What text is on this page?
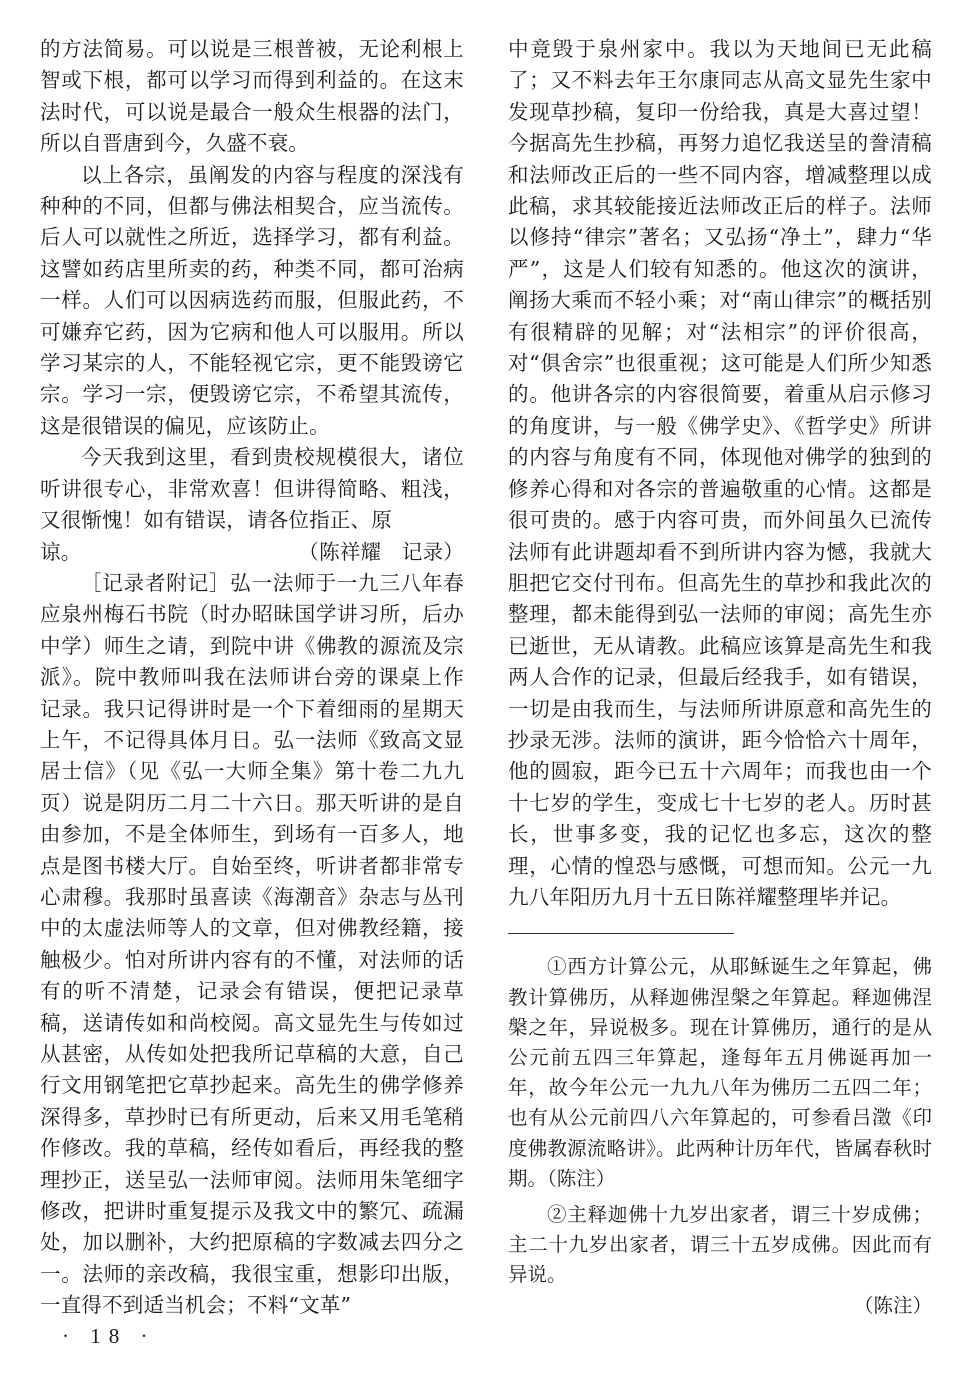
的方法简易。可以说是三根普被，无论利根上智或下根，都可以学习而得到利益的。在这末法时代，可以说是最合一般众生根器的法门，所以自晋唐到今，久盛不衰。

以上各宗，虽阐发的内容与程度的深浅有种种的不同，但都与佛法相契合，应当流传。后人可以就性之所近，选择学习，都有利益。这譬如药店里所卖的药，种类不同，都可治病一样。人们可以因病选药而服，但服此药，不可嫌弃它药，因为它病和他人可以服用。所以学习某宗的人，不能轻视它宗，更不能毁谤它宗。学习一宗，便毁谤它宗，不希望其流传，这是很错误的偏见，应该防止。

今天我到这里，看到贵校规模很大，诸位听讲很专心，非常欢喜！但讲得简略、粗浅，又很惭愧！如有错误，请各位指正、原

谅。	（陈祥耀　记录）

［记录者附记］弘一法师于一九三八年春应泉州梅石书院（时办昭昧国学讲习所，后办中学）师生之请，到院中讲《佛教的源流及宗派》。院中教师叫我在法师讲台旁的课桌上作记录。我只记得讲时是一个下着细雨的星期天上午，不记得具体月日。弘一法师《致高文显居士信》（见《弘一大师全集》第十卷二九九页）说是阴历二月二十六日。那天听讲的是自由参加，不是全体师生，到场有一百多人，地点是图书楼大厅。自始至终，听讲者都非常专心肃穆。我那时虽喜读《海潮音》杂志与丛刊中的太虚法师等人的文章，但对佛教经籍，接触极少。怕对所讲内容有的不懂，对法师的话有的听不清楚，记录会有错误，便把记录草稿，送请传如和尚校阅。高文显先生与传如过从甚密，从传如处把我所记草稿的大意，自己行文用钢笔把它草抄起来。高先生的佛学修养深得多，草抄时已有所更动，后来又用毛笔稍作修改。我的草稿，经传如看后，再经我的整理抄正，送呈弘一法师审阅。法师用朱笔细字修改，把讲时重复提示及我文中的繁冗、疏漏处，加以删补，大约把原稿的字数减去四分之一。法师的亲改稿，我很宝重，想影印出版，一直得不到适当机会；不料“文革”

中竟毁于泉州家中。我以为天地间已无此稿了；又不料去年王尔康同志从高文显先生家中发现草抄稿，复印一份给我，真是大喜过望！今据高先生抄稿，再努力追忆我送呈的誊清稿和法师改正后的一些不同内容，增减整理以成此稿，求其较能接近法师改正后的样子。法师以修持“律宗”著名；又弘扬“净土”，肆力“华严”，这是人们较有知悉的。他这次的演讲，阐扬大乘而不轻小乘；对“南山律宗”的概括别有很精辟的见解；对“法相宗”的评价很高，对“俱舍宗”也很重视；这可能是人们所少知悉的。他讲各宗的内容很简要，着重从启示修习的角度讲，与一般《佛学史》、《哲学史》所讲的内容与角度有不同，体现他对佛学的独到的修养心得和对各宗的普遍敬重的心情。这都是很可贵的。感于内容可贵，而外间虽久已流传法师有此讲题却看不到所讲内容为憾，我就大胆把它交付刊布。但高先生的草抄和我此次的整理，都未能得到弘一法师的审阅；高先生亦已逝世，无从请教。此稿应该算是高先生和我两人合作的记录，但最后经我手，如有错误，一切是由我而生，与法师所讲原意和高先生的抄录无涉。法师的演讲，距今恰恰六十周年，他的圆寂，距今已五十六周年；而我也由一个十七岁的学生，变成七十七岁的老人。历时甚长，世事多变，我的记忆也多忘，这次的整理，心情的惶恐与感慨，可想而知。公元一九九八年阳历九月十五日陈祥耀整理毕并记。

①西方计算公元，从耶稣诞生之年算起，佛教计算佛历，从释迦佛涅槃之年算起。释迦佛涅槃之年，异说极多。现在计算佛历，通行的是从公元前五四三年算起，逢每年五月佛诞再加一年，故今年公元一九九八年为佛历二五四二年；也有从公元前四八六年算起的，可参看吕澂《印度佛教源流略讲》。此两种计历年代，皆属春秋时期。（陈注）

②主释迦佛十九岁出家者，谓三十岁成佛；主二十九岁出家者，谓三十五岁成佛。因此而有异说。
（陈注）

· 18 ·
